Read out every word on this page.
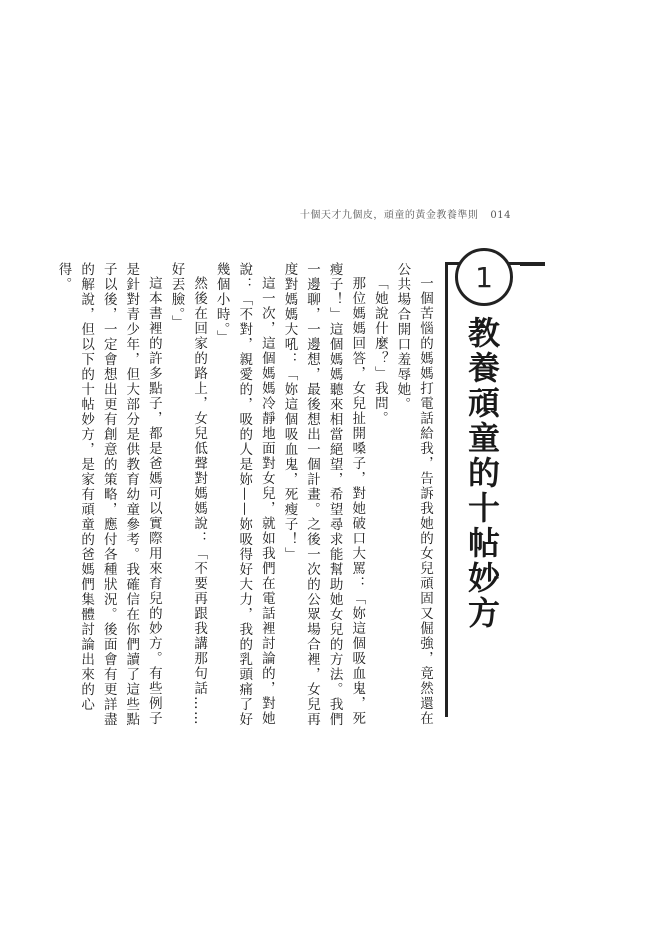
十個天才九個皮，頑童的黃金教養準則 014
1
教養頑童的十帖妙方

一個苦惱的媽媽打電話給我，告訴我她的女兒頑固又倔強，竟然還在公共場合開口羞辱她。

「她說什麼？」我問。

那位媽媽回答，女兒扯開嗓子，對她破口大罵：「妳這個吸血鬼，死瘦子！」這個媽媽聽來相當絕望，希望尋求能幫助她女兒的方法。我們一邊聊，一邊想，最後想出一個計畫。之後一次的公眾場合裡，女兒再度對媽媽大吼：「妳這個吸血鬼，死瘦子！」

這一次，這個媽媽冷靜地面對女兒，就如我們在電話裡討論的，對她說：「不對，親愛的，吸的人是妳——妳吸得好大力，我的乳頭痛了好幾個小時。」

然後在回家的路上，女兒低聲對媽媽說：「不要再跟我講那句話……好丟臉。」

這本書裡的許多點子，都是爸媽可以實際用來育兒的妙方。有些例子是針對青少年，但大部分是供教育幼童參考。我確信在你們讀了這些點子以後，一定會想出更有創意的策略，應付各種狀況。後面會有更詳盡的解說，但以下的十帖妙方，是家有頑童的爸媽們集體討論出來的心得。
